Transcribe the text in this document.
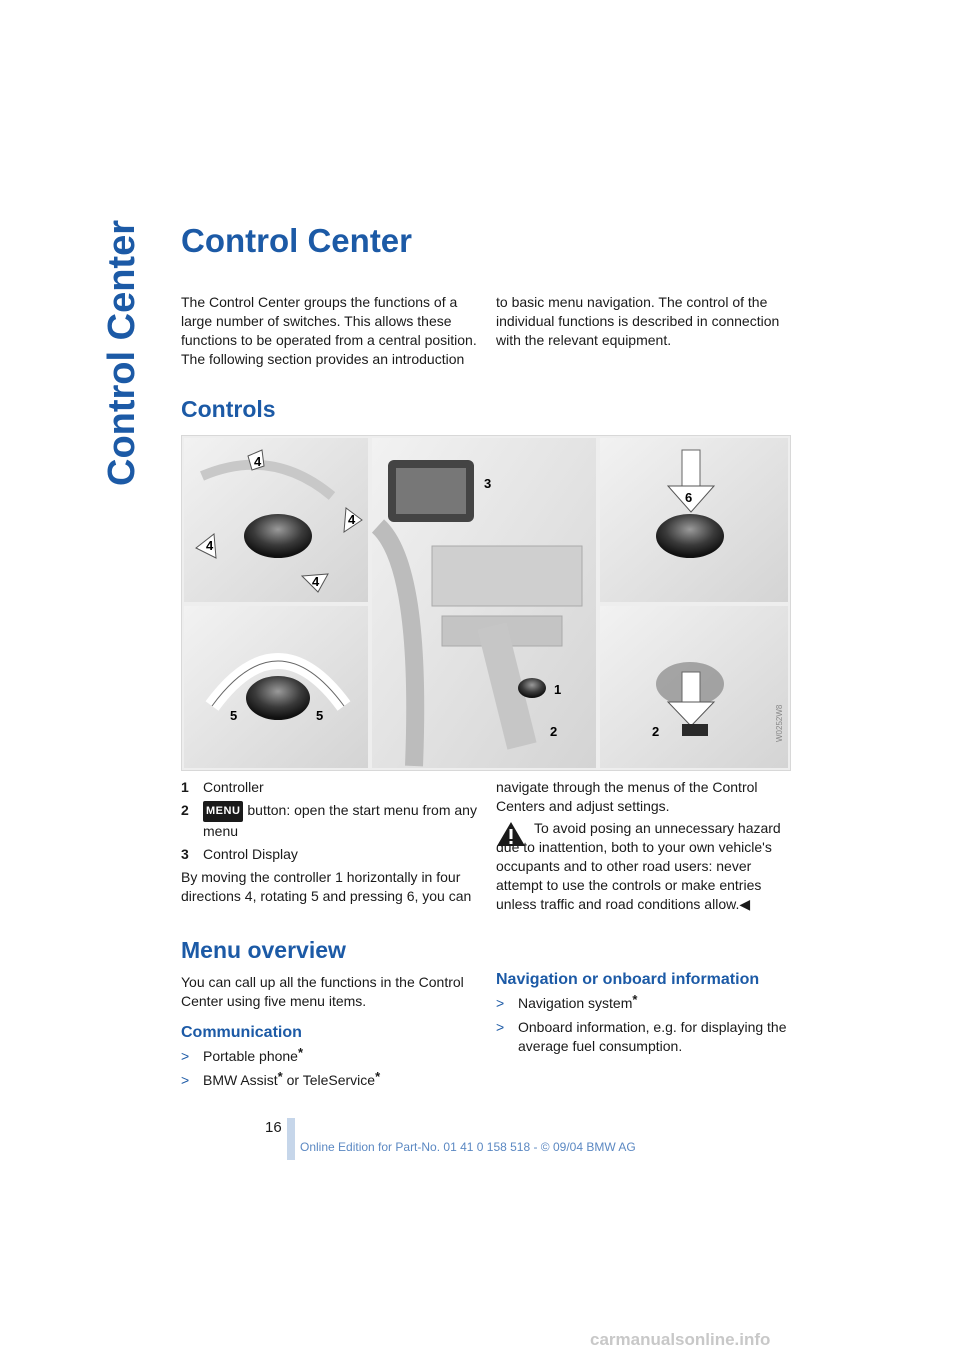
Control Center Control Center

The Control Center groups the functions of a large number of switches. This allows these functions to be operated from a central position. The following section provides an introduction

to basic menu navigation. The control of the individual functions is described in connection with the relevant equipment.

Controls
4
4
4
4
5	5
3
1
2
6
2	W0252W8
1	Controller
2	MENU button: open the start menu from any menu
3	Control Display

By moving the controller 1 horizontally in four directions 4, rotating 5 and pressing 6, you can

navigate through the menus of the Control Centers and adjust settings.

To avoid posing an unnecessary hazard due to inattention, both to your own vehicle's occupants and to other road users: never attempt to use the controls or make entries unless traffic and road conditions allow.◀

Menu overview

You can call up all the functions in the Control Center using five menu items.

Communication
> Portable phone*
> BMW Assist* or TeleService*
Navigation or onboard information
> Navigation system*
> Onboard information, e.g. for displaying the average fuel consumption.
16
Online Edition for Part-No. 01 41 0 158 518 - © 09/04 BMW AG
carmanualsonline.info
